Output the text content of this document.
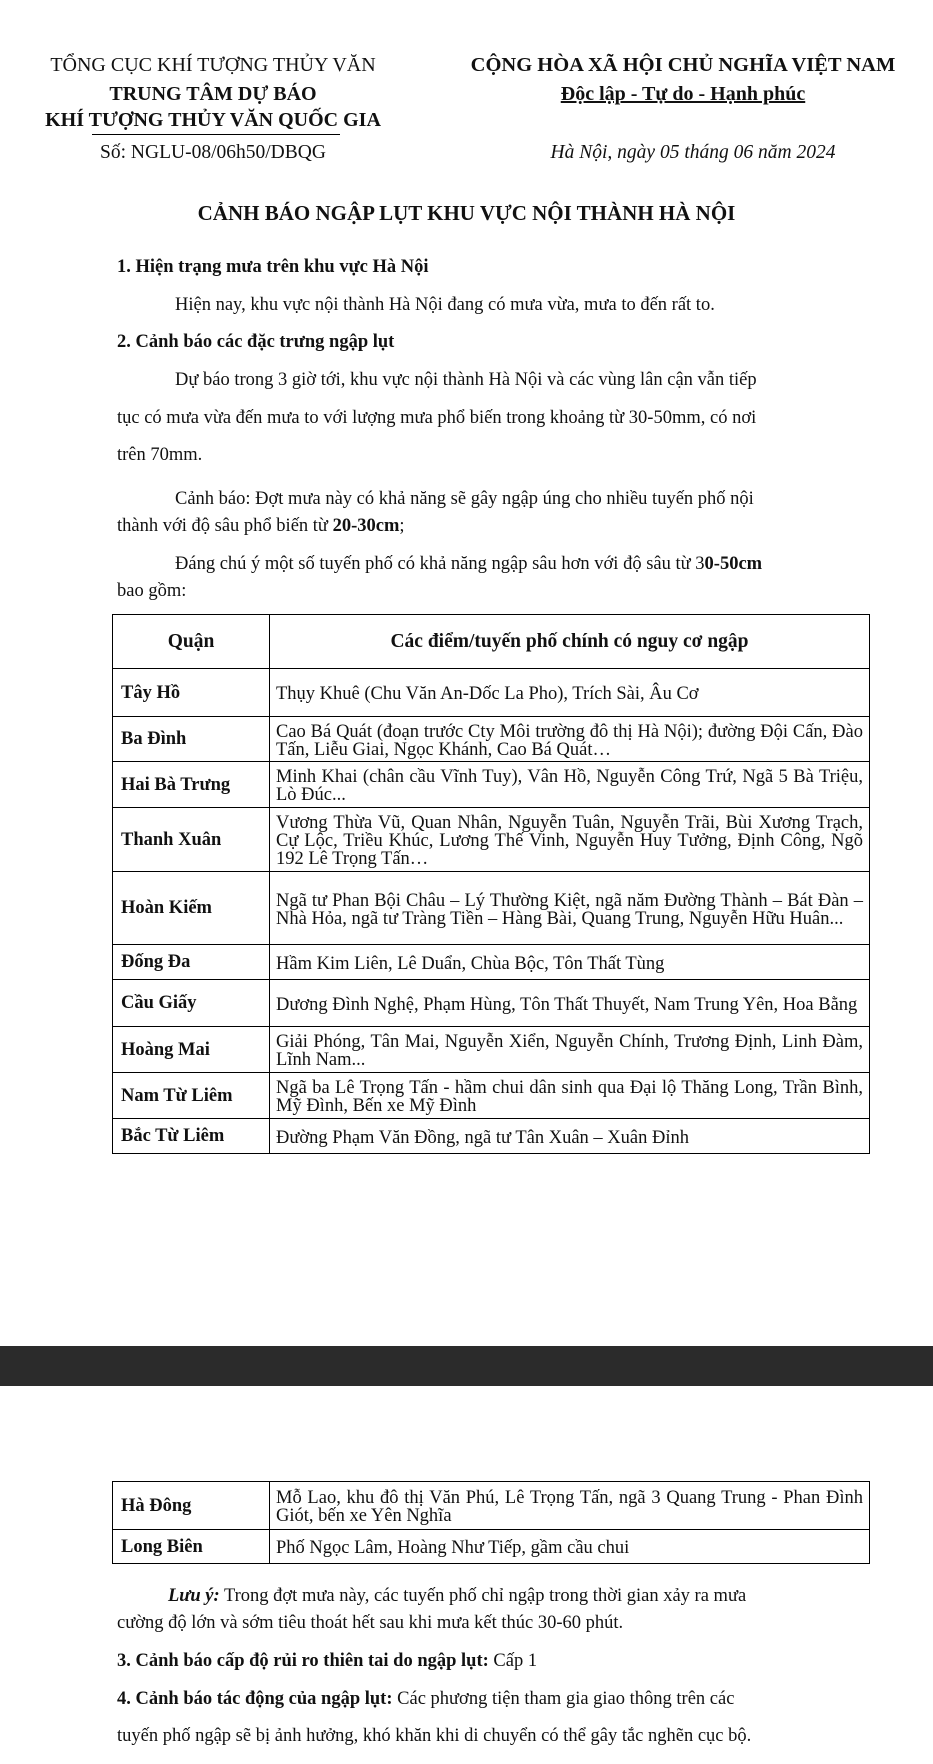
TỔNG CỤC KHÍ TƯỢNG THỦY VĂN
TRUNG TÂM DỰ BÁO
KHÍ TƯỢNG THỦY VĂN QUỐC GIA
Số: NGLU-08/06h50/DBQG
CỘNG HÒA XÃ HỘI CHỦ NGHĨA VIỆT NAM
Độc lập - Tự do - Hạnh phúc
Hà Nội, ngày 05 tháng 06 năm 2024
CẢNH BÁO NGẬP LỤT KHU VỰC NỘI THÀNH HÀ NỘI
1. Hiện trạng mưa trên khu vực Hà Nội
Hiện nay, khu vực nội thành Hà Nội đang có mưa vừa, mưa to đến rất to.
2. Cảnh báo các đặc trưng ngập lụt
Dự báo trong 3 giờ tới, khu vực nội thành Hà Nội và các vùng lân cận vẫn tiếp
tục có mưa vừa đến mưa to với lượng mưa phổ biến trong khoảng từ 30-50mm, có nơi
trên 70mm.
Cảnh báo: Đợt mưa này có khả năng sẽ gây ngập úng cho nhiều tuyến phố nội
thành với độ sâu phổ biến từ 20-30cm;
Đáng chú ý một số tuyến phố có khả năng ngập sâu hơn với độ sâu từ 30-50cm
bao gồm:
Quận	Các điểm/tuyến phố chính có nguy cơ ngập
Tây Hồ	Thụy Khuê (Chu Văn An-Dốc La Pho), Trích Sài, Âu Cơ
Ba Đình	Cao Bá Quát (đoạn trước Cty Môi trường đô thị Hà Nội); đường Đội Cấn, Đào Tấn, Liễu Giai, Ngọc Khánh, Cao Bá Quát…
Hai Bà Trưng	Minh Khai (chân cầu Vĩnh Tuy), Vân Hồ, Nguyễn Công Trứ, Ngã 5 Bà Triệu, Lò Đúc...
Thanh Xuân	Vương Thừa Vũ, Quan Nhân, Nguyễn Tuân, Nguyễn Trãi, Bùi Xương Trạch, Cự Lộc, Triều Khúc, Lương Thế Vinh, Nguyễn Huy Tưởng, Định Công, Ngõ 192 Lê Trọng Tấn…
Hoàn Kiếm	Ngã tư Phan Bội Châu – Lý Thường Kiệt, ngã năm Đường Thành – Bát Đàn – Nhà Hỏa, ngã tư Tràng Tiền – Hàng Bài, Quang Trung, Nguyễn Hữu Huân...
Đống Đa	Hầm Kim Liên, Lê Duẩn, Chùa Bộc, Tôn Thất Tùng
Cầu Giấy	Dương Đình Nghệ, Phạm Hùng, Tôn Thất Thuyết, Nam Trung Yên, Hoa Bằng
Hoàng Mai	Giải Phóng, Tân Mai, Nguyễn Xiển, Nguyễn Chính, Trương Định, Linh Đàm, Lĩnh Nam...
Nam Từ Liêm	Ngã ba Lê Trọng Tấn - hầm chui dân sinh qua Đại lộ Thăng Long, Trần Bình, Mỹ Đình, Bến xe Mỹ Đình
Bắc Từ Liêm	Đường Phạm Văn Đồng, ngã tư Tân Xuân – Xuân Đỉnh
Hà Đông	Mỗ Lao, khu đô thị Văn Phú, Lê Trọng Tấn, ngã 3 Quang Trung - Phan Đình Giót, bến xe Yên Nghĩa
Long Biên	Phố Ngọc Lâm, Hoàng Như Tiếp, gầm cầu chui
Lưu ý: Trong đợt mưa này, các tuyến phố chỉ ngập trong thời gian xảy ra mưa
cường độ lớn và sớm tiêu thoát hết sau khi mưa kết thúc 30-60 phút.
3. Cảnh báo cấp độ rủi ro thiên tai do ngập lụt: Cấp 1
4. Cảnh báo tác động của ngập lụt: Các phương tiện tham gia giao thông trên các
tuyến phố ngập sẽ bị ảnh hưởng, khó khăn khi di chuyển có thể gây tắc nghẽn cục bộ.
